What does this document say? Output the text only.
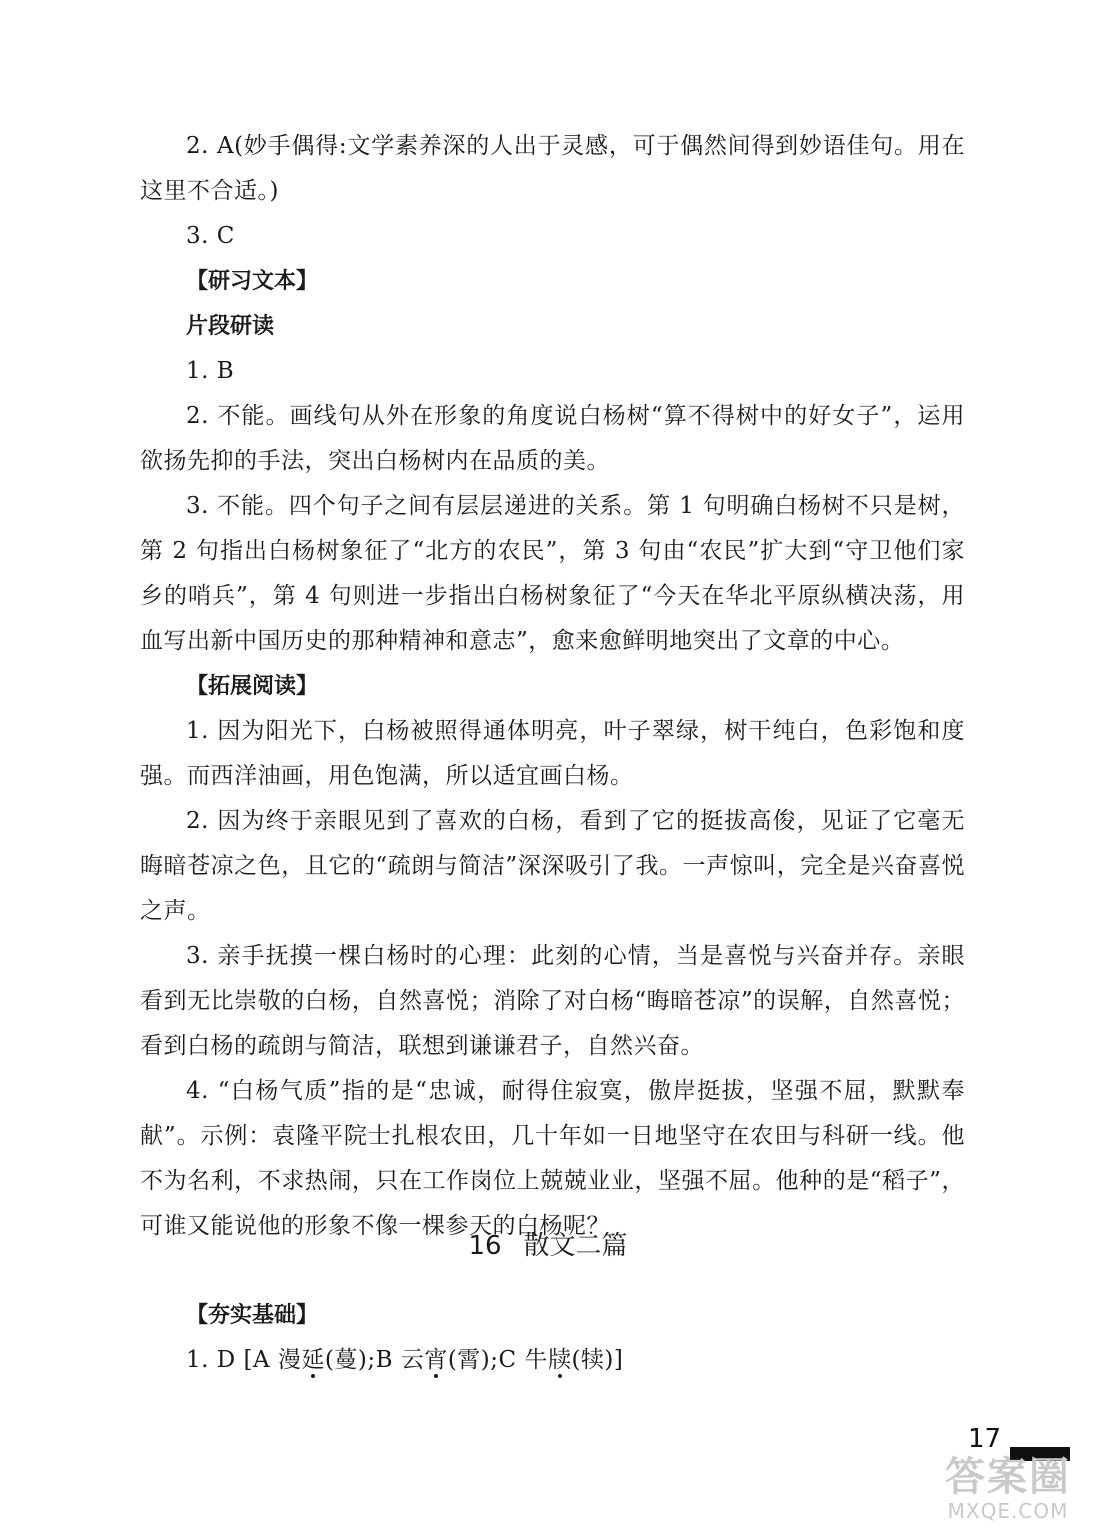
2. A(妙手偶得:文学素养深的人出于灵感，可于偶然间得到妙语佳句。用在这里不合适。)

3. C

【研习文本】

片段研读

1. B

2. 不能。画线句从外在形象的角度说白杨树“算不得树中的好女子”，运用欲扬先抑的手法，突出白杨树内在品质的美。

3. 不能。四个句子之间有层层递进的关系。第 1 句明确白杨树不只是树，第 2 句指出白杨树象征了“北方的农民”，第 3 句由“农民”扩大到“守卫他们家乡的哨兵”，第 4 句则进一步指出白杨树象征了“今天在华北平原纵横决荡，用血写出新中国历史的那种精神和意志”，愈来愈鲜明地突出了文章的中心。

【拓展阅读】

1. 因为阳光下，白杨被照得通体明亮，叶子翠绿，树干纯白，色彩饱和度强。而西洋油画，用色饱满，所以适宜画白杨。

2. 因为终于亲眼见到了喜欢的白杨，看到了它的挺拔高俊，见证了它毫无晦暗苍凉之色，且它的“疏朗与简洁”深深吸引了我。一声惊叫，完全是兴奋喜悦之声。

3. 亲手抚摸一棵白杨时的心理：此刻的心情，当是喜悦与兴奋并存。亲眼看到无比崇敬的白杨，自然喜悦；消除了对白杨“晦暗苍凉”的误解，自然喜悦；看到白杨的疏朗与简洁，联想到谦谦君子，自然兴奋。

4. “白杨气质”指的是“忠诚，耐得住寂寞，傲岸挺拔，坚强不屈，默默奉献”。示例：袁隆平院士扎根农田，几十年如一日地坚守在农田与科研一线。他不为名利，不求热闹，只在工作岗位上兢兢业业，坚强不屈。他种的是“稻子”，可谁又能说他的形象不像一棵参天的白杨呢？

16 散文二篇

【夯实基础】

1. D [A 漫延(蔓);B 云宵(霄);C 牛牍(犊)]

17
答案圈
MXQE.COM
